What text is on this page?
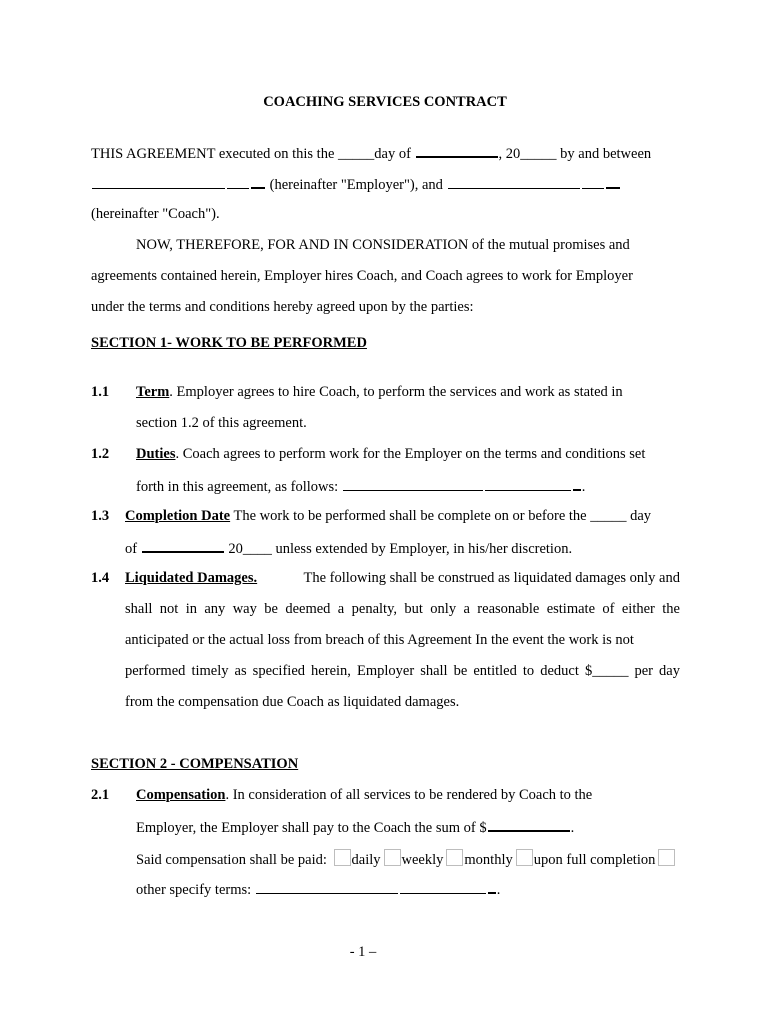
COACHING SERVICES CONTRACT
THIS AGREEMENT executed on this the _____day of	, 20_____ by and between
(hereinafter "Employer"), and
(hereinafter "Coach").
NOW, THEREFORE, FOR AND IN CONSIDERATION of the mutual promises and
agreements contained herein, Employer hires Coach, and Coach agrees to work for Employer
under the terms and conditions hereby agreed upon by the parties:
SECTION 1- WORK TO BE PERFORMED
1.1 Term. Employer agrees to hire Coach, to perform the services and work as stated in
section 1.2 of this agreement.
1.2 Duties. Coach agrees to perform work for the Employer on the terms and conditions set
forth in this agreement, as follows:	.
1.3 Completion Date The work to be performed shall be complete on or before the _____ day
of	20____ unless extended by Employer, in his/her discretion.
1.4 Liquidated Damages.	The following shall be construed as liquidated damages only and
shall not in any way be deemed a penalty, but only a reasonable estimate of either the
anticipated or the actual loss from breach of this Agreement In the event the work is not
performed timely as specified herein, Employer shall be entitled to deduct $_____ per day
from the compensation due Coach as liquidated damages.
SECTION 2 - COMPENSATION
2.1 Compensation. In consideration of all services to be rendered by Coach to the
Employer, the Employer shall pay to the Coach the sum of $	.
Said compensation shall be paid: daily weekly monthly upon full completion
other specify terms:	.
- 1 –
